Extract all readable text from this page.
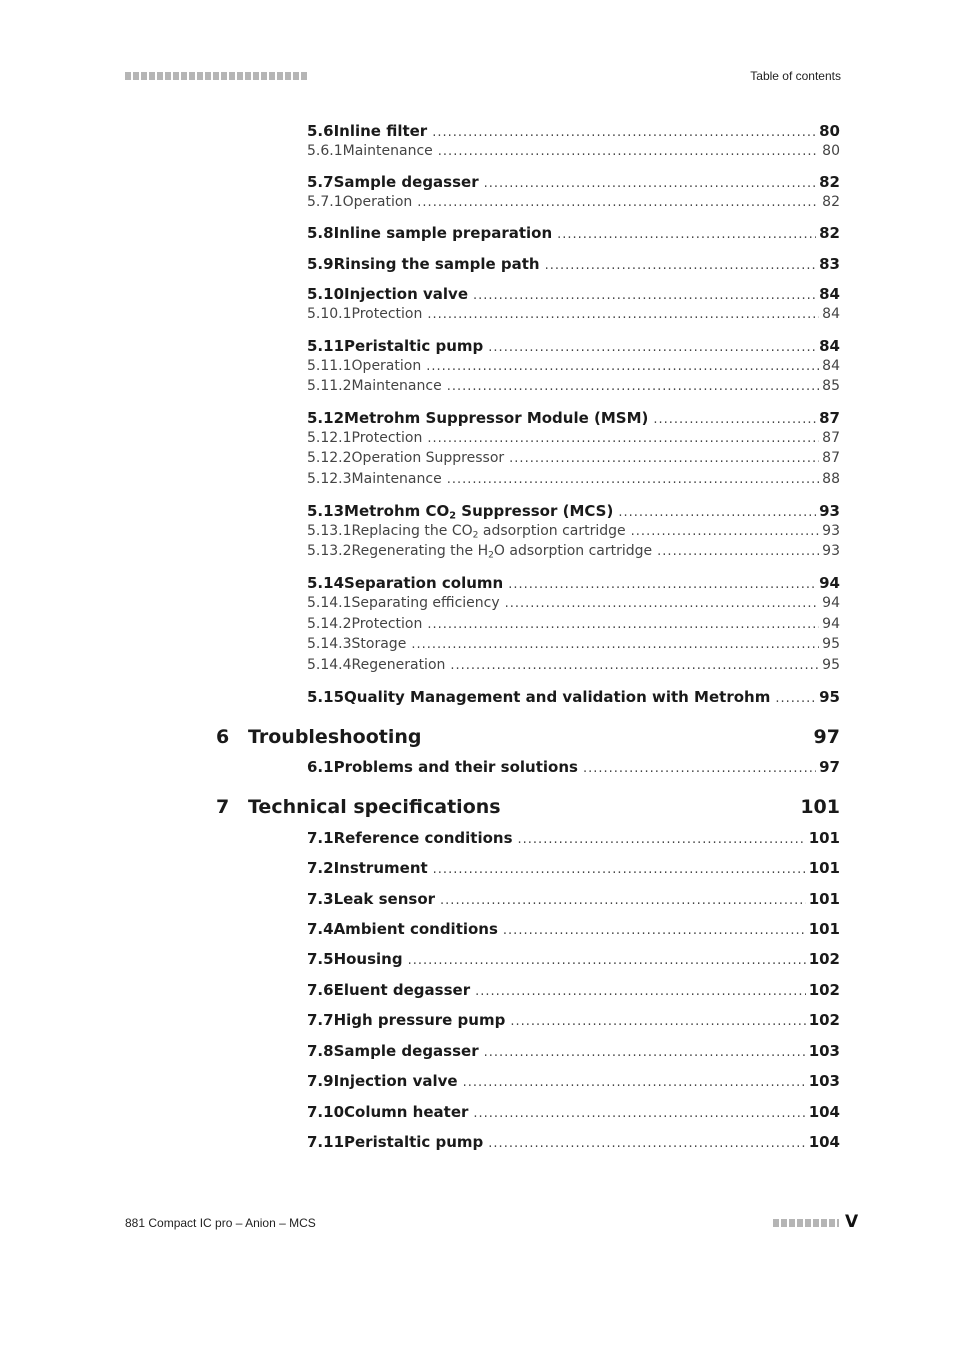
Table of contents
5.6 Inline filter .....	80
5.6.1 Maintenance .....	80
5.7 Sample degasser .....	82
5.7.1 Operation .....	82
5.8 Inline sample preparation .....	82
5.9 Rinsing the sample path .....	83
5.10 Injection valve .....	84
5.10.1 Protection .....	84
5.11 Peristaltic pump .....	84
5.11.1 Operation .....	84
5.11.2 Maintenance .....	85
5.12 Metrohm Suppressor Module (MSM) .....	87
5.12.1 Protection .....	87
5.12.2 Operation Suppressor .....	87
5.12.3 Maintenance .....	88
5.13 Metrohm $CO_2$ Suppressor (MCS) .....	93
5.13.1 Replacing the $CO_2$ adsorption cartridge .....	93
5.13.2 Regenerating the $H_2O$ adsorption cartridge .....	93
5.14 Separation column .....	94
5.14.1 Separating efficiency .....	94
5.14.2 Protection .....	94
5.14.3 Storage .....	95
5.14.4 Regeneration .....	95
5.15 Quality Management and validation with Metrohm .....	95
6 Troubleshooting	97
6.1 Problems and their solutions .....	97
7 Technical specifications	101
7.1 Reference conditions .....	101
7.2 Instrument .....	101
7.3 Leak sensor .....	101
7.4 Ambient conditions .....	101
7.5 Housing .....	102
7.6 Eluent degasser .....	102
7.7 High pressure pump .....	102
7.8 Sample degasser .....	103
7.9 Injection valve .....	103
7.10 Column heater .....	104
7.11 Peristaltic pump .....	104
881 Compact IC pro – Anion – MCS	V
